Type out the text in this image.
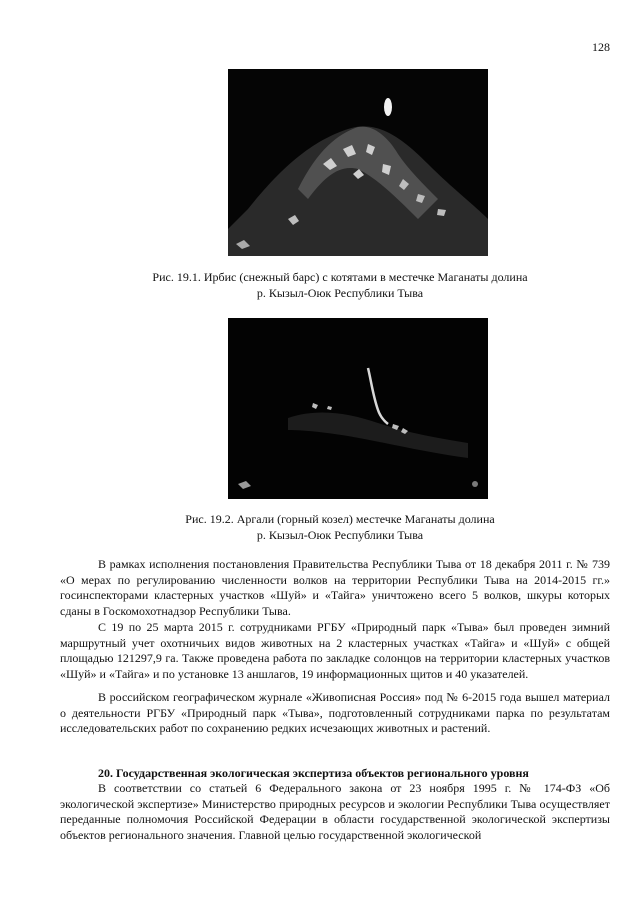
128
Рис. 19.1. Ирбис (снежный барс) с котятами в местечке Маганаты долина
р. Кызыл-Оюк Республики Тыва
Рис. 19.2. Аргали (горный козел) местечке Маганаты долина
р. Кызыл-Оюк Республики Тыва

В рамках исполнения постановления Правительства Республики Тыва от 18 декабря 2011 г. № 739 «О мерах по регулированию численности волков на территории Республики Тыва на 2014-2015 гг.» госинспекторами кластерных участков «Шуй» и «Тайга» уничтожено всего 5 волков, шкуры которых сданы в Госкомохотнадзор Республики Тыва.

С 19 по 25 марта 2015 г. сотрудниками РГБУ «Природный парк «Тыва» был проведен зимний маршрутный учет охотничьих видов животных на 2 кластерных участках «Тайга» и «Шуй» с общей площадью 121297,9 га. Также проведена работа по закладке солонцов на территории кластерных участков «Шуй» и «Тайга» и по установке 13 аншлагов, 19 информационных щитов и 40 указателей.

В российском географическом журнале «Живописная Россия» под № 6-2015 года вышел материал о деятельности РГБУ «Природный парк «Тыва», подготовленный сотрудниками парка по результатам исследовательских работ по сохранению редких исчезающих животных и растений.

20. Государственная экологическая экспертиза объектов регионального уровня

В соответствии со статьей 6 Федерального закона от 23 ноября 1995 г. № 174-ФЗ «Об экологической экспертизе» Министерство природных ресурсов и экологии Республики Тыва осуществляет переданные полномочия Российской Федерации в области государственной экологической экспертизы объектов регионального значения. Главной целью государственной экологической
